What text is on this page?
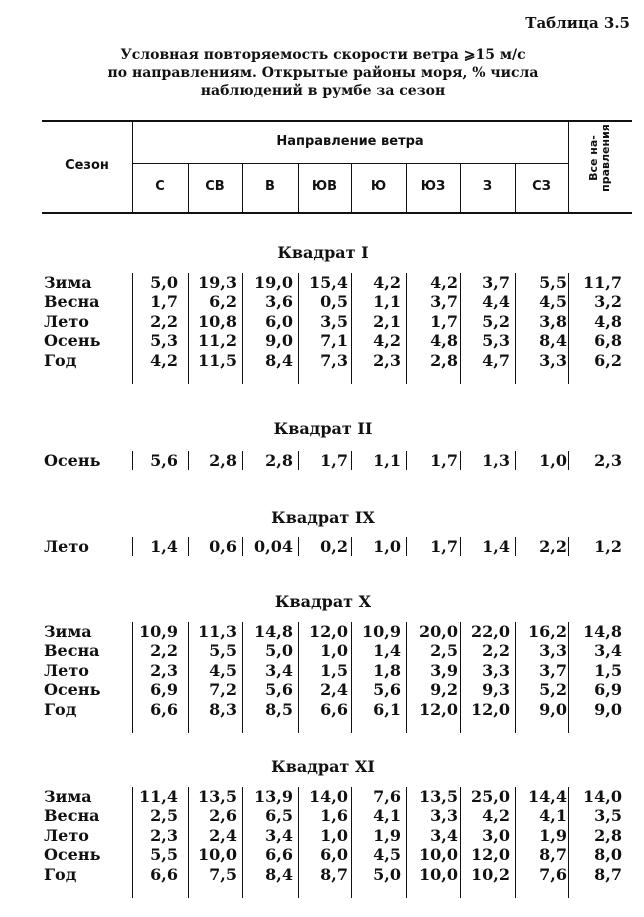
Таблица 3.5
Условная повторяемость скорости ветра ⩾15 м/с
по направлениям. Открытые районы моря, % числа
наблюдений в румбе за сезон
Сезон
Направление ветра
С	СВ	В	ЮВ	Ю	ЮЗ	З	СЗ
Все на-
правления
Квадрат I
Зима	5,0 19,3 19,0 15,4 4,2 4,2 3,7 5,5 11,7
Весна	1,7 6,2 3,6 0,5 1,1 3,7 4,4 4,5 3,2
Лето	2,2 10,8 6,0 3,5 2,1 1,7 5,2 3,8 4,8
Осень	5,3 11,2 9,0 7,1 4,2 4,8 5,3 8,4 6,8
Год	4,2 11,5 8,4 7,3 2,3 2,8 4,7 3,3 6,2
Квадрат II
Осень	5,6 2,8 2,8 1,7 1,1 1,7 1,3 1,0 2,3
Квадрат IX
Лето	1,4 0,6 0,04 0,2 1,0 1,7 1,4 2,2 1,2
Квадрат X
Зима	10,9 11,3 14,8 12,0 10,9 20,0 22,0 16,2 14,8
Весна	2,2 5,5 5,0 1,0 1,4 2,5 2,2 3,3 3,4
Лето	2,3 4,5 3,4 1,5 1,8 3,9 3,3 3,7 1,5
Осень	6,9 7,2 5,6 2,4 5,6 9,2 9,3 5,2 6,9
Год	6,6 8,3 8,5 6,6 6,1 12,0 12,0 9,0 9,0
Квадрат XI
Зима	11,4 13,5 13,9 14,0 7,6 13,5 25,0 14,4 14,0
Весна	2,5 2,6 6,5 1,6 4,1 3,3 4,2 4,1 3,5
Лето	2,3 2,4 3,4 1,0 1,9 3,4 3,0 1,9 2,8
Осень	5,5 10,0 6,6 6,0 4,5 10,0 12,0 8,7 8,0
Год	6,6 7,5 8,4 8,7 5,0 10,0 10,2 7,6 8,7
